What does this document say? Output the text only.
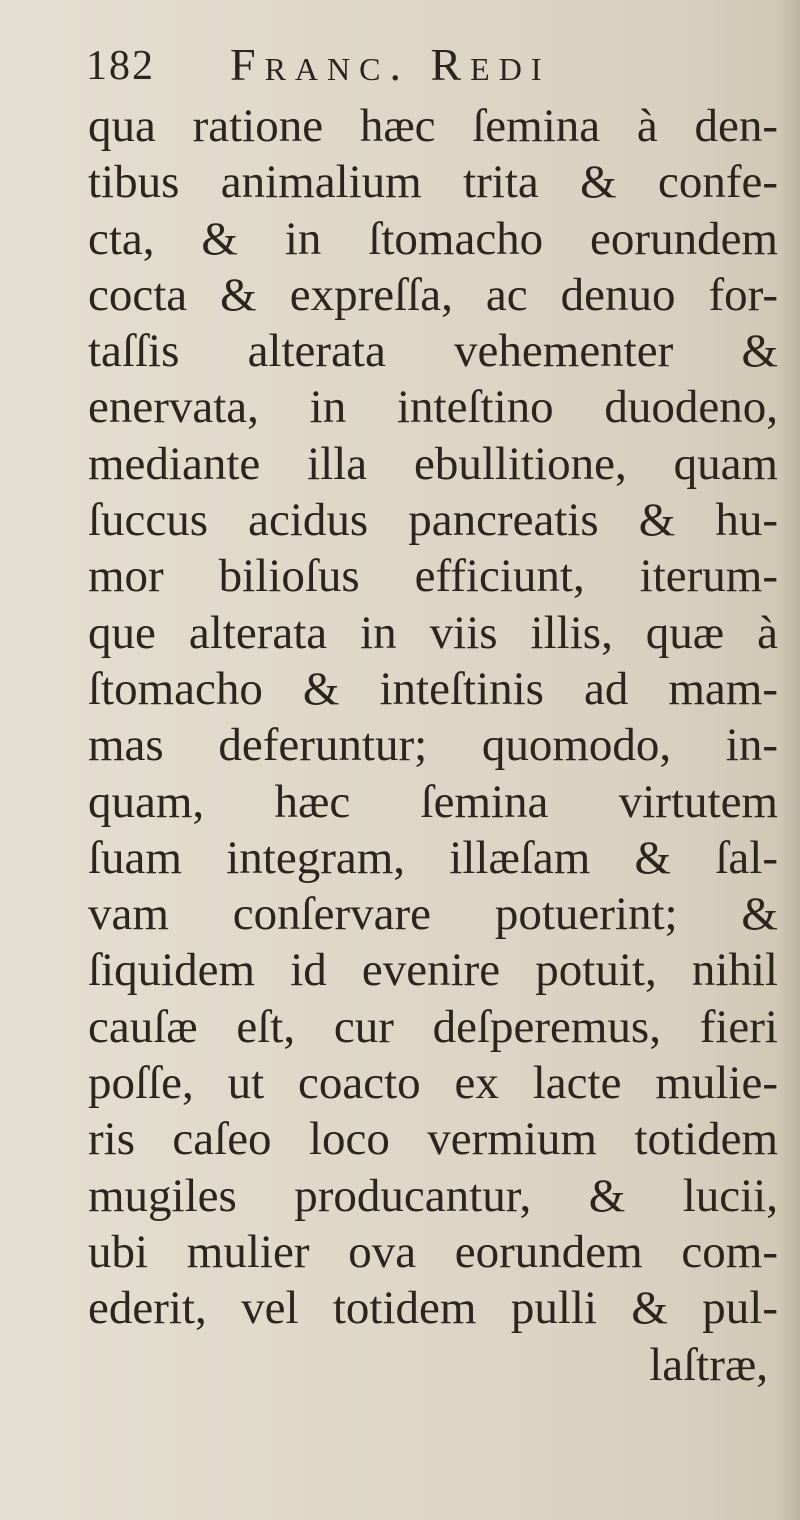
182 Franc. Redi
qua ratione hæc ſemina à den-
tibus animalium trita & confe-
cta, & in ſtomacho eorundem
cocta & expreſſa, ac denuo for-
taſſis alterata vehementer &
enervata, in inteſtino duodeno,
mediante illa ebullitione, quam
ſuccus acidus pancreatis & hu-
mor bilioſus efficiunt, iterum-
que alterata in viis illis, quæ à
ſtomacho & inteſtinis ad mam-
mas deferuntur; quomodo, in-
quam, hæc ſemina virtutem
ſuam integram, illæſam & ſal-
vam conſervare potuerint; &
ſiquidem id evenire potuit, nihil
cauſæ eſt, cur deſperemus, fieri
poſſe, ut coacto ex lacte mulie-
ris caſeo loco vermium totidem
mugiles producantur, & lucii,
ubi mulier ova eorundem com-
ederit, vel totidem pulli & pul-
laſtræ,
